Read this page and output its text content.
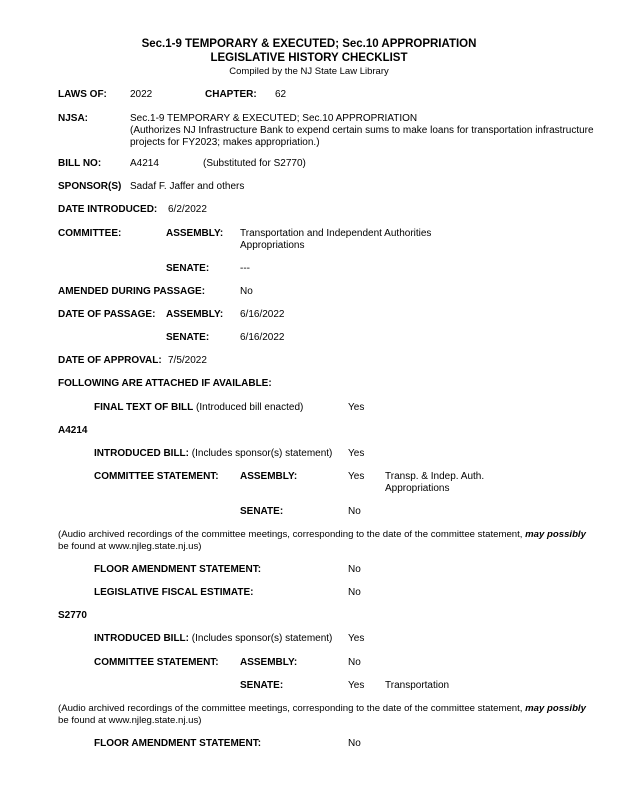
Sec.1-9 TEMPORARY & EXECUTED; Sec.10 APPROPRIATION
LEGISLATIVE HISTORY CHECKLIST
Compiled by the NJ State Law Library
LAWS OF: 2022	CHAPTER: 62
NJSA:	Sec.1-9 TEMPORARY & EXECUTED; Sec.10 APPROPRIATION
(Authorizes NJ Infrastructure Bank to expend certain sums to make loans for transportation infrastructure
projects for FY2023; makes appropriation.)
BILL NO:	A4214	(Substituted for S2770)
SPONSOR(S) Sadaf F. Jaffer and others
DATE INTRODUCED: 6/2/2022
COMMITTEE:	ASSEMBLY: Transportation and Independent Authorities
Appropriations
SENATE:	---
AMENDED DURING PASSAGE:	No
DATE OF PASSAGE: ASSEMBLY: 6/16/2022
SENATE:	6/16/2022
DATE OF APPROVAL: 7/5/2022
FOLLOWING ARE ATTACHED IF AVAILABLE:
FINAL TEXT OF BILL (Introduced bill enacted)	Yes
A4214
INTRODUCED BILL: (Includes sponsor(s) statement) Yes
COMMITTEE STATEMENT: ASSEMBLY:	Yes Transp. & Indep. Auth.
Appropriations
SENATE:	No
(Audio archived recordings of the committee meetings, corresponding to the date of the committee statement, may possibly
be found at www.njleg.state.nj.us)
FLOOR AMENDMENT STATEMENT:	No
LEGISLATIVE FISCAL ESTIMATE:	No
S2770
INTRODUCED BILL: (Includes sponsor(s) statement) Yes
COMMITTEE STATEMENT: ASSEMBLY:	No
SENATE:	Yes Transportation
(Audio archived recordings of the committee meetings, corresponding to the date of the committee statement, may possibly
be found at www.njleg.state.nj.us)
FLOOR AMENDMENT STATEMENT:	No
